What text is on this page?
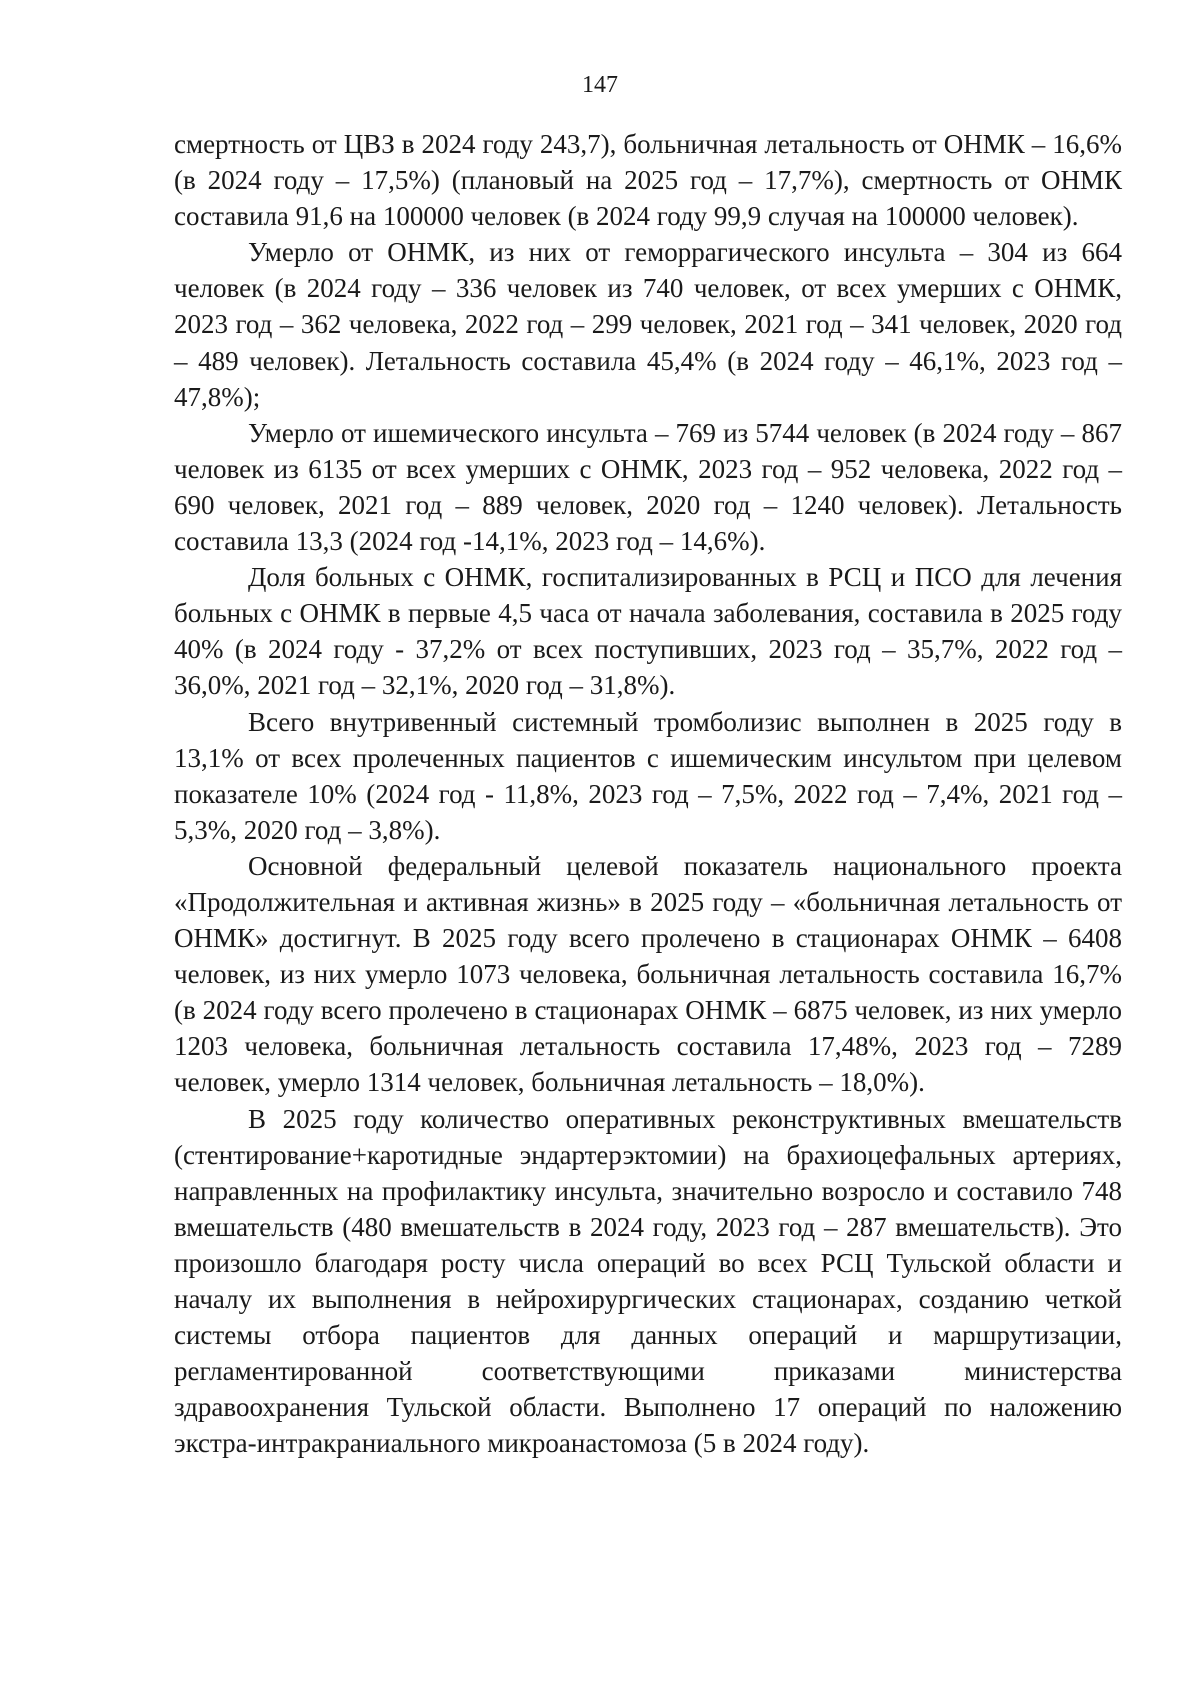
147

смертность от ЦВЗ в 2024 году 243,7), больничная летальность от ОНМК – 16,6% (в 2024 году – 17,5%) (плановый на 2025 год – 17,7%), смертность от ОНМК составила 91,6 на 100000 человек (в 2024 году 99,9 случая на 100000 человек).

Умерло от ОНМК, из них от геморрагического инсульта – 304 из 664 человек (в 2024 году – 336 человек из 740 человек, от всех умерших с ОНМК, 2023 год – 362 человека, 2022 год – 299 человек, 2021 год – 341 человек, 2020 год – 489 человек). Летальность составила 45,4% (в 2024 году – 46,1%, 2023 год – 47,8%);

Умерло от ишемического инсульта – 769 из 5744 человек (в 2024 году – 867 человек из 6135 от всех умерших с ОНМК, 2023 год – 952 человека, 2022 год – 690 человек, 2021 год – 889 человек, 2020 год – 1240 человек). Летальность составила 13,3 (2024 год -14,1%, 2023 год – 14,6%).

Доля больных с ОНМК, госпитализированных в РСЦ и ПСО для лечения больных с ОНМК в первые 4,5 часа от начала заболевания, составила в 2025 году 40% (в 2024 году - 37,2% от всех поступивших, 2023 год – 35,7%, 2022 год – 36,0%, 2021 год – 32,1%, 2020 год – 31,8%).

Всего внутривенный системный тромболизис выполнен в 2025 году в 13,1% от всех пролеченных пациентов с ишемическим инсультом при целевом показателе 10% (2024 год - 11,8%, 2023 год – 7,5%, 2022 год – 7,4%, 2021 год – 5,3%, 2020 год – 3,8%).

Основной федеральный целевой показатель национального проекта «Продолжительная и активная жизнь» в 2025 году – «больничная летальность от ОНМК» достигнут. В 2025 году всего пролечено в стационарах ОНМК – 6408 человек, из них умерло 1073 человека, больничная летальность составила 16,7% (в 2024 году всего пролечено в стационарах ОНМК – 6875 человек, из них умерло 1203 человека, больничная летальность составила 17,48%, 2023 год – 7289 человек, умерло 1314 человек, больничная летальность – 18,0%).

В 2025 году количество оперативных реконструктивных вмешательств (стентирование+каротидные эндартерэктомии) на брахиоцефальных артериях, направленных на профилактику инсульта, значительно возросло и составило 748 вмешательств (480 вмешательств в 2024 году, 2023 год – 287 вмешательств). Это произошло благодаря росту числа операций во всех РСЦ Тульской области и началу их выполнения в нейрохирургических стационарах, созданию четкой системы отбора пациентов для данных операций и маршрутизации, регламентированной соответствующими приказами министерства здравоохранения Тульской области. Выполнено 17 операций по наложению экстра-интракраниального микроанастомоза (5 в 2024 году).
